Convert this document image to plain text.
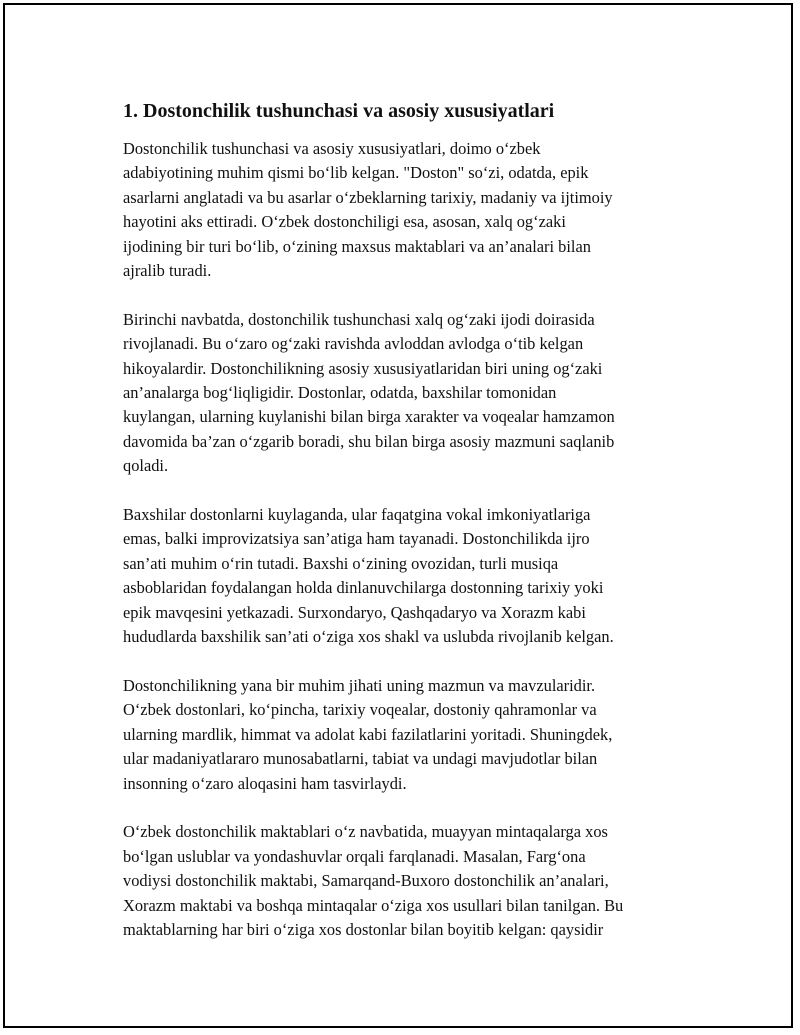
1. Dostonchilik tushunchasi va asosiy xususiyatlari

Dostonchilik tushunchasi va asosiy xususiyatlari, doimo o‘zbek
adabiyotining muhim qismi bo‘lib kelgan. "Doston" so‘zi, odatda, epik
asarlarni anglatadi va bu asarlar o‘zbeklarning tarixiy, madaniy va ijtimoiy
hayotini aks ettiradi. O‘zbek dostonchiligi esa, asosan, xalq og‘zaki
ijodining bir turi bo‘lib, o‘zining maxsus maktablari va an’analari bilan
ajralib turadi.

Birinchi navbatda, dostonchilik tushunchasi xalq og‘zaki ijodi doirasida
rivojlanadi. Bu o‘zaro og‘zaki ravishda avloddan avlodga o‘tib kelgan
hikoyalardir. Dostonchilikning asosiy xususiyatlaridan biri uning og‘zaki
an’analarga bog‘liqligidir. Dostonlar, odatda, baxshilar tomonidan
kuylangan, ularning kuylanishi bilan birga xarakter va voqealar hamzamon
davomida ba’zan o‘zgarib boradi, shu bilan birga asosiy mazmuni saqlanib
qoladi.

Baxshilar dostonlarni kuylaganda, ular faqatgina vokal imkoniyatlariga
emas, balki improvizatsiya san’atiga ham tayanadi. Dostonchilikda ijro
san’ati muhim o‘rin tutadi. Baxshi o‘zining ovozidan, turli musiqa
asboblaridan foydalangan holda dinlanuvchilarga dostonning tarixiy yoki
epik mavqesini yetkazadi. Surxondaryo, Qashqadaryo va Xorazm kabi
hududlarda baxshilik san’ati o‘ziga xos shakl va uslubda rivojlanib kelgan.

Dostonchilikning yana bir muhim jihati uning mazmun va mavzularidir.
O‘zbek dostonlari, ko‘pincha, tarixiy voqealar, dostoniy qahramonlar va
ularning mardlik, himmat va adolat kabi fazilatlarini yoritadi. Shuningdek,
ular madaniyatlararo munosabatlarni, tabiat va undagi mavjudotlar bilan
insonning o‘zaro aloqasini ham tasvirlaydi.

O‘zbek dostonchilik maktablari o‘z navbatida, muayyan mintaqalarga xos
bo‘lgan uslublar va yondashuvlar orqali farqlanadi. Masalan, Farg‘ona
vodiysi dostonchilik maktabi, Samarqand-Buxoro dostonchilik an’analari,
Xorazm maktabi va boshqa mintaqalar o‘ziga xos usullari bilan tanilgan. Bu
maktablarning har biri o‘ziga xos dostonlar bilan boyitib kelgan: qaysidir
